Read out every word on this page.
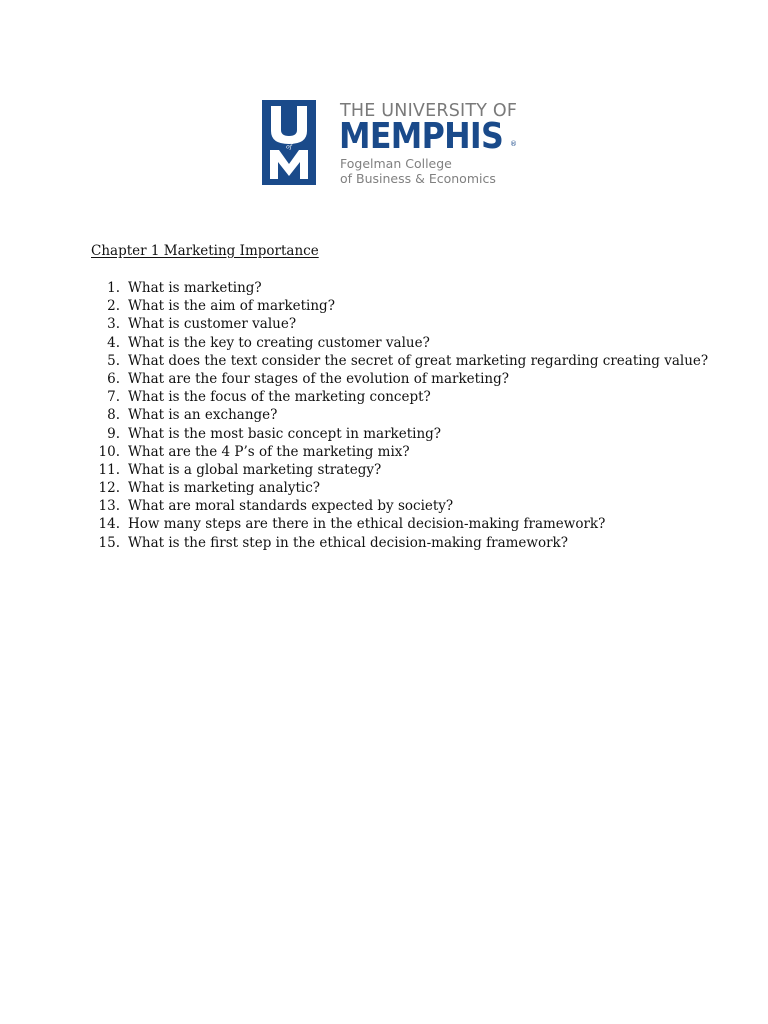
of
THE UNIVERSITY OF
MEMPHIS ®
Fogelman College
of Business & Economics
Chapter 1 Marketing Importance
1. What is marketing?
2. What is the aim of marketing?
3. What is customer value?
4. What is the key to creating customer value?
5. What does the text consider the secret of great marketing regarding creating value?
6. What are the four stages of the evolution of marketing?
7. What is the focus of the marketing concept?
8. What is an exchange?
9. What is the most basic concept in marketing?
10. What are the 4 P’s of the marketing mix?
11. What is a global marketing strategy?
12. What is marketing analytic?
13. What are moral standards expected by society?
14. How many steps are there in the ethical decision-making framework?
15. What is the first step in the ethical decision-making framework?
